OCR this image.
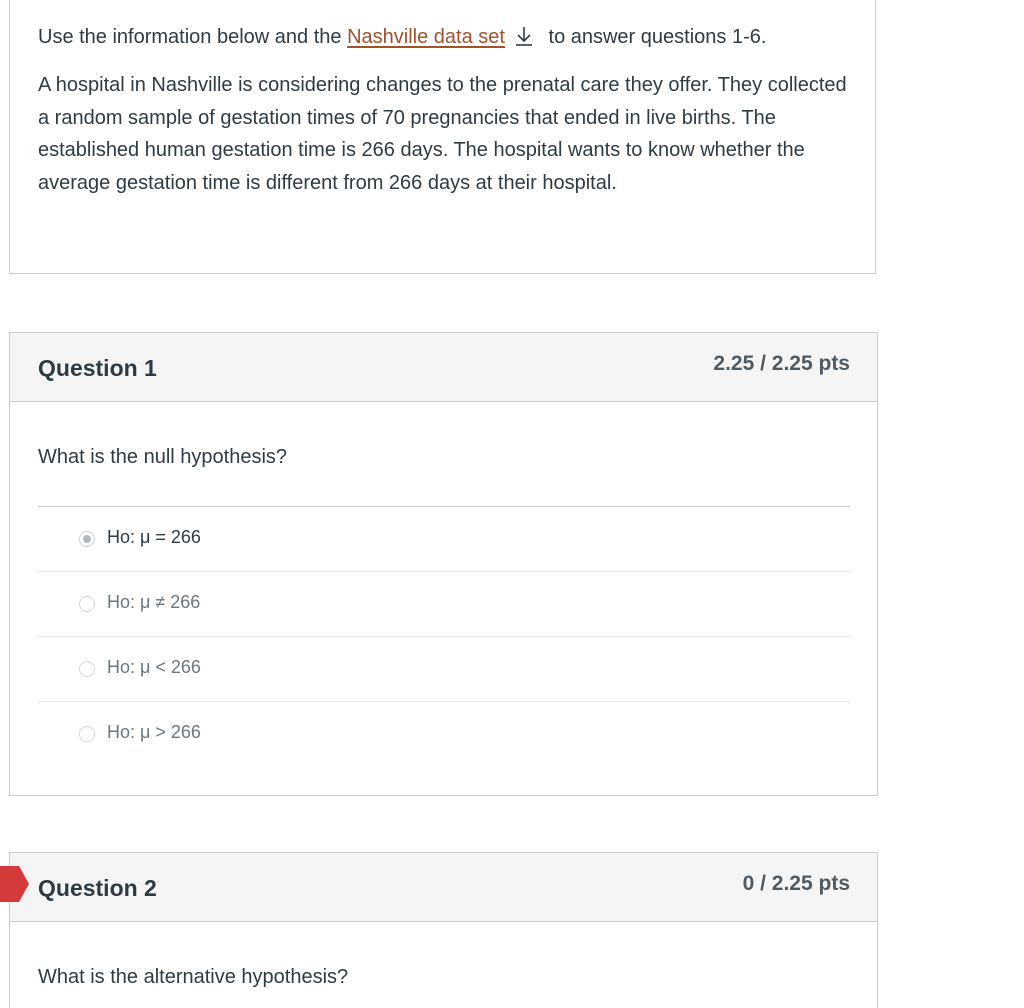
Use the information below and the Nashville data set to answer questions 1-6.
A hospital in Nashville is considering changes to the prenatal care they offer. They collected a random sample of gestation times of 70 pregnancies that ended in live births. The established human gestation time is 266 days. The hospital wants to know whether the average gestation time is different from 266 days at their hospital.
Question 1	2.25 / 2.25 pts
What is the null hypothesis?
Ho: μ = 266
Ho: μ ≠ 266
Ho: μ < 266
Ho: μ > 266
Question 2	0 / 2.25 pts
What is the alternative hypothesis?
